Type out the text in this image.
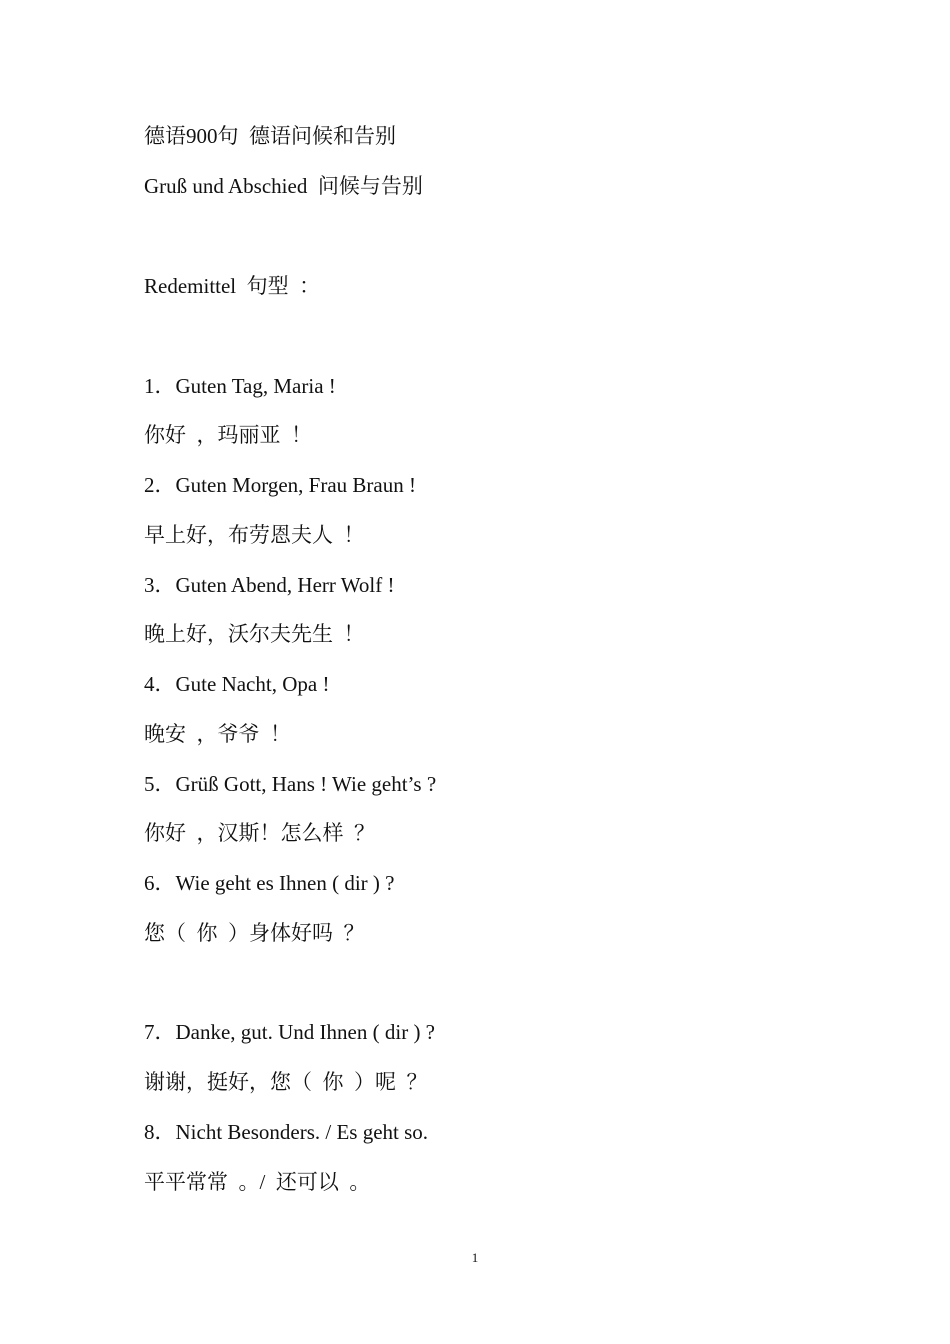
德语900句  德语问候和告别
Gruß und Abschied  问候与告别
Redemittel  句型  ：
1．Guten Tag, Maria !
你好  ，玛丽亚  ！
2．Guten Morgen, Frau Braun !
早上好，布劳恩夫人  ！
3．Guten Abend, Herr Wolf !
晚上好，沃尔夫先生  ！
4．Gute Nacht, Opa !
晚安  ，爷爷  ！
5．Grüß Gott, Hans ! Wie geht’s ?
你好  ，汉斯！怎么样  ？
6．Wie geht es Ihnen ( dir ) ?
您（  你  ）身体好吗  ？
7．Danke, gut. Und Ihnen ( dir ) ?
谢谢，挺好，您（  你  ）呢  ？
8．Nicht Besonders. / Es geht so.
平平常常  。/  还可以  。
1
